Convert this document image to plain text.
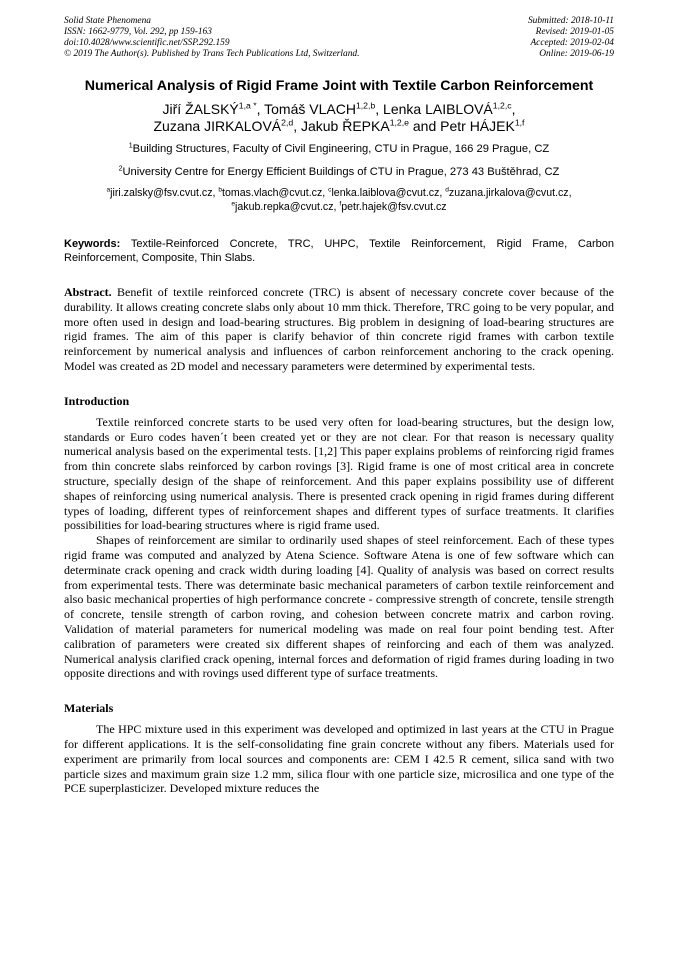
Solid State Phenomena
ISSN: 1662-9779, Vol. 292, pp 159-163
doi:10.4028/www.scientific.net/SSP.292.159
© 2019 The Author(s). Published by Trans Tech Publications Ltd, Switzerland.
Submitted: 2018-10-11
Revised: 2019-01-05
Accepted: 2019-02-04
Online: 2019-06-19
Numerical Analysis of Rigid Frame Joint with Textile Carbon Reinforcement
Jiří $ŽALSKÝ^{1,a *}$, Tomáš VLACH$^{1,2,b}$, Lenka LAIBLOVÁ$^{1,2,c}$,
Zuzana JIRKALOVÁ$^{2,d}$, Jakub ŘEPKA$^{1,2,e}$ and Petr HÁJEK$^{1,f}$
$^1$Building Structures, Faculty of Civil Engineering, CTU in Prague, 166 29 Prague, CZ
$^2$University Centre for Energy Efficient Buildings of CTU in Prague, 273 43 Buštěhrad, CZ
$^a$jiri.zalsky@fsv.cvut.cz, $^b$tomas.vlach@cvut.cz, $^c$lenka.laiblova@cvut.cz, $^d$zuzana.jirkalova@cvut.cz,
$^e$jakub.repka@cvut.cz, $^f$petr.hajek@fsv.cvut.cz
Keywords: Textile-Reinforced Concrete, TRC, UHPC, Textile Reinforcement, Rigid Frame, Carbon Reinforcement, Composite, Thin Slabs.
Abstract. Benefit of textile reinforced concrete (TRC) is absent of necessary concrete cover because of the durability. It allows creating concrete slabs only about 10 mm thick. Therefore, TRC going to be very popular, and more often used in design and load-bearing structures. Big problem in designing of load-bearing structures are rigid frames. The aim of this paper is clarify behavior of thin concrete rigid frames with carbon textile reinforcement by numerical analysis and influences of carbon reinforcement anchoring to the crack opening. Model was created as 2D model and necessary parameters were determined by experimental tests.
Introduction

Textile reinforced concrete starts to be used very often for load-bearing structures, but the design low, standards or Euro codes haven´t been created yet or they are not clear. For that reason is necessary quality numerical analysis based on the experimental tests. [1,2] This paper explains problems of reinforcing rigid frames from thin concrete slabs reinforced by carbon rovings [3]. Rigid frame is one of most critical area in concrete structure, specially design of the shape of reinforcement. And this paper explains possibility use of different shapes of reinforcing using numerical analysis. There is presented crack opening in rigid frames during different types of loading, different types of reinforcement shapes and different types of surface treatments. It clarifies possibilities for load-bearing structures where is rigid frame used.

Shapes of reinforcement are similar to ordinarily used shapes of steel reinforcement. Each of these types rigid frame was computed and analyzed by Atena Science. Software Atena is one of few software which can determinate crack opening and crack width during loading [4]. Quality of analysis was based on correct results from experimental tests. There was determinate basic mechanical parameters of carbon textile reinforcement and also basic mechanical properties of high performance concrete - compressive strength of concrete, tensile strength of concrete, tensile strength of carbon roving, and cohesion between concrete matrix and carbon roving. Validation of material parameters for numerical modeling was made on real four point bending test. After calibration of parameters were created six different shapes of reinforcing and each of them was analyzed. Numerical analysis clarified crack opening, internal forces and deformation of rigid frames during loading in two opposite directions and with rovings used different type of surface treatments.

Materials

The HPC mixture used in this experiment was developed and optimized in last years at the CTU in Prague for different applications. It is the self-consolidating fine grain concrete without any fibers. Materials used for experiment are primarily from local sources and components are: CEM I 42.5 R cement, silica sand with two particle sizes and maximum grain size 1.2 mm, silica flour with one particle size, microsilica and one type of the PCE superplasticizer. Developed mixture reduces the
